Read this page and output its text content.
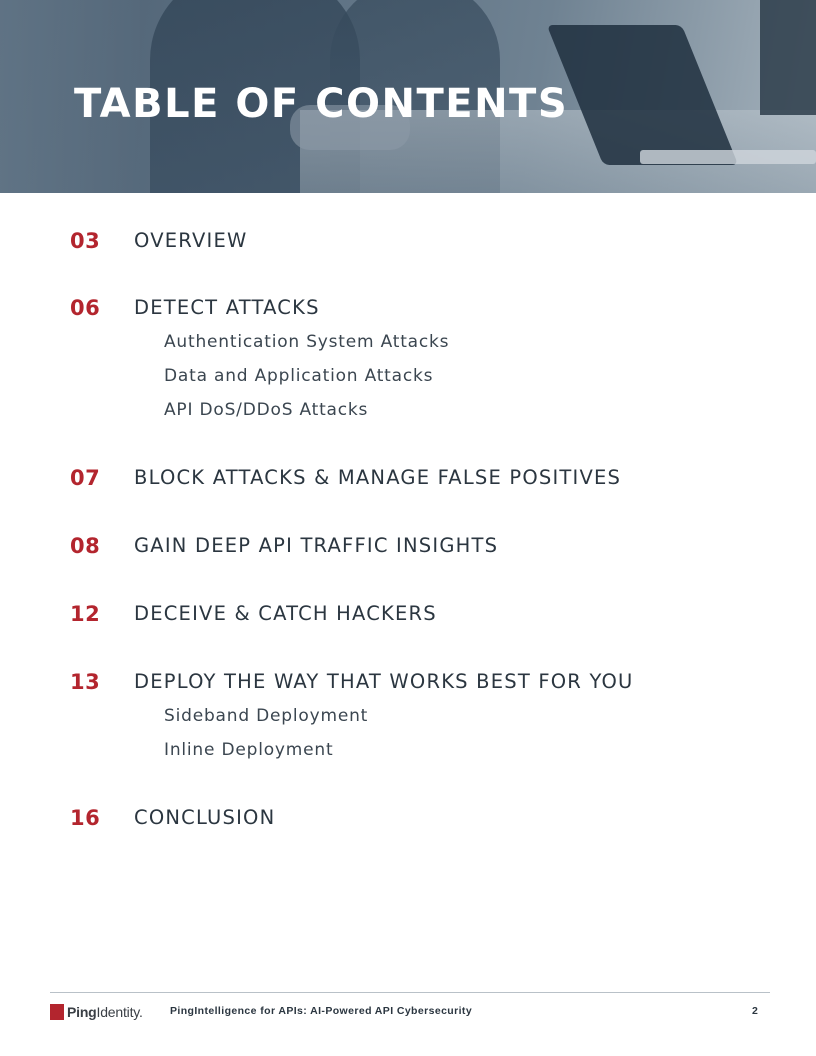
TABLE OF CONTENTS
03 OVERVIEW
06 DETECT ATTACKS
Authentication System Attacks
Data and Application Attacks
API DoS/DDoS Attacks
07 BLOCK ATTACKS & MANAGE FALSE POSITIVES
08 GAIN DEEP API TRAFFIC INSIGHTS
12 DECEIVE & CATCH HACKERS
13 DEPLOY THE WAY THAT WORKS BEST FOR YOU
Sideband Deployment
Inline Deployment
16 CONCLUSION
PingIdentity.	PingIntelligence for APIs: AI-Powered API Cybersecurity	2
